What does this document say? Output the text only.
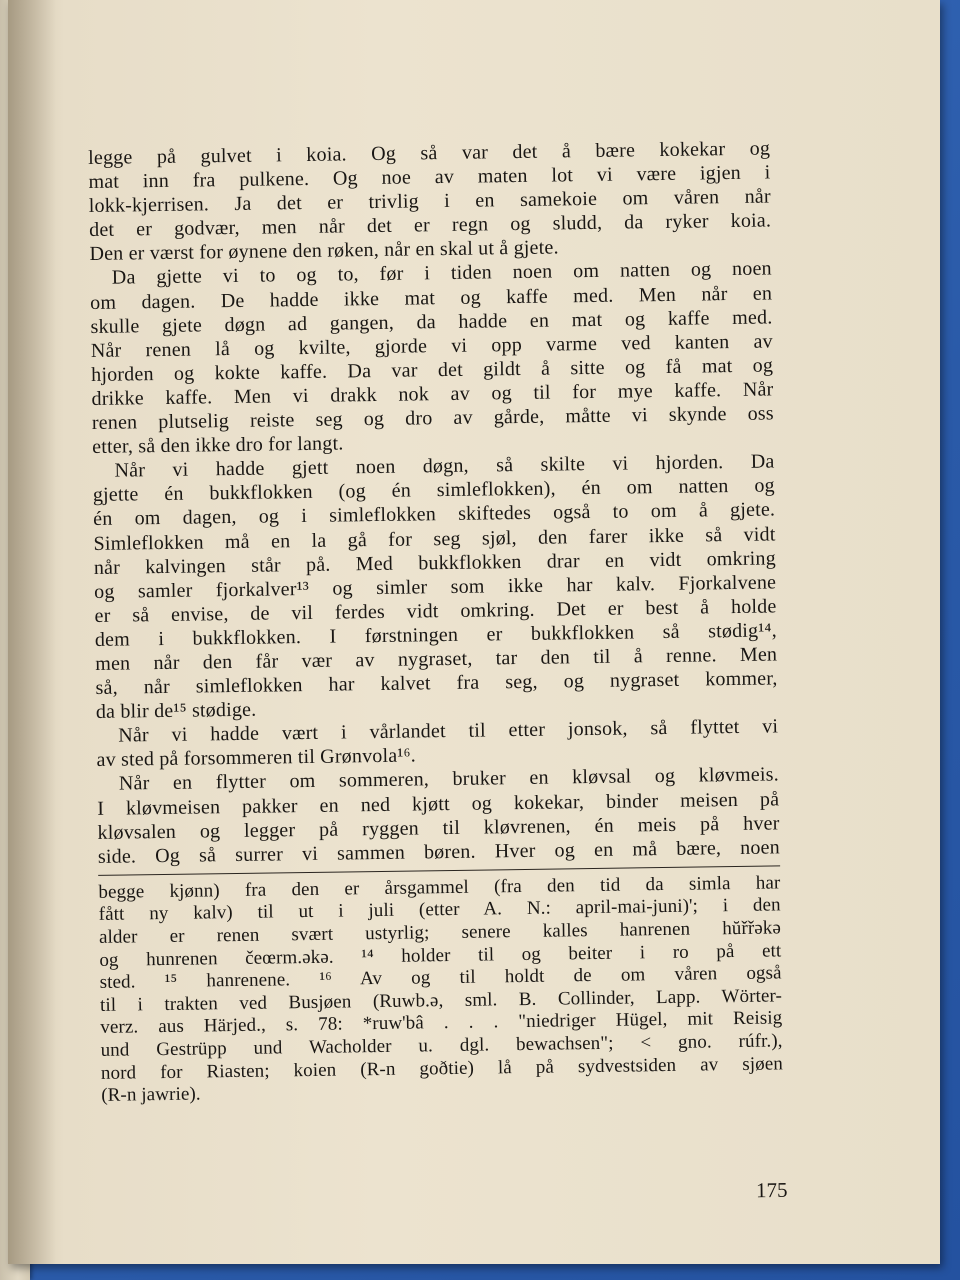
legge på gulvet i koia. Og så var det å bære kokekar og
mat inn fra pulkene. Og noe av maten lot vi være igjen i
lokk-kjerrisen. Ja det er trivlig i en samekoie om våren når
det er godvær, men når det er regn og sludd, da ryker koia.
Den er værst for øynene den røken, når en skal ut å gjete.
Da gjette vi to og to, før i tiden noen om natten og noen
om dagen. De hadde ikke mat og kaffe med. Men når en
skulle gjete døgn ad gangen, da hadde en mat og kaffe med.
Når renen lå og kvilte, gjorde vi opp varme ved kanten av
hjorden og kokte kaffe. Da var det gildt å sitte og få mat og
drikke kaffe. Men vi drakk nok av og til for mye kaffe. Når
renen plutselig reiste seg og dro av gårde, måtte vi skynde oss
etter, så den ikke dro for langt.
Når vi hadde gjett noen døgn, så skilte vi hjorden. Da
gjette én bukkflokken (og én simleflokken), én om natten og
én om dagen, og i simleflokken skiftedes også to om å gjete.
Simleflokken må en la gå for seg sjøl, den farer ikke så vidt
når kalvingen står på. Med bukkflokken drar en vidt omkring
og samler fjorkalver¹³ og simler som ikke har kalv. Fjorkalvene
er så envise, de vil ferdes vidt omkring. Det er best å holde
dem i bukkflokken. I førstningen er bukkflokken så stødig¹⁴,
men når den får vær av nygraset, tar den til å renne. Men
så, når simleflokken har kalvet fra seg, og nygraset kommer,
da blir de¹⁵ stødige.
Når vi hadde vært i vårlandet til etter jonsok, så flyttet vi
av sted på forsommeren til Grønvola¹⁶.
Når en flytter om sommeren, bruker en kløvsal og kløvmeis.
I kløvmeisen pakker en ned kjøtt og kokekar, binder meisen på
kløvsalen og legger på ryggen til kløvrenen, én meis på hver
side. Og så surrer vi sammen børen. Hver og en må bære, noen
begge kjønn) fra den er årsgammel (fra den tid da simla har
fått ny kalv) til ut i juli (etter A. N.: april-mai-juni)'; i den
alder er renen svært ustyrlig; senere kalles hanrenen hŭřřəkə
og hunrenen čeœrm.əkə. ¹⁴ holder til og beiter i ro på ett
sted. ¹⁵ hanrenene. ¹⁶ Av og til holdt de om våren også
til i trakten ved Busjøen (Ruwb.ə, sml. B. Collinder, Lapp. Wörter-
verz. aus Härjed., s. 78: *ruw'bâ . . . "niedriger Hügel, mit Reisig
und Gestrüpp und Wacholder u. dgl. bewachsen"; < gno. rúfr.),
nord for Riasten; koien (R-n goðtie) lå på sydvestsiden av sjøen
(R-n jawrie).
175
